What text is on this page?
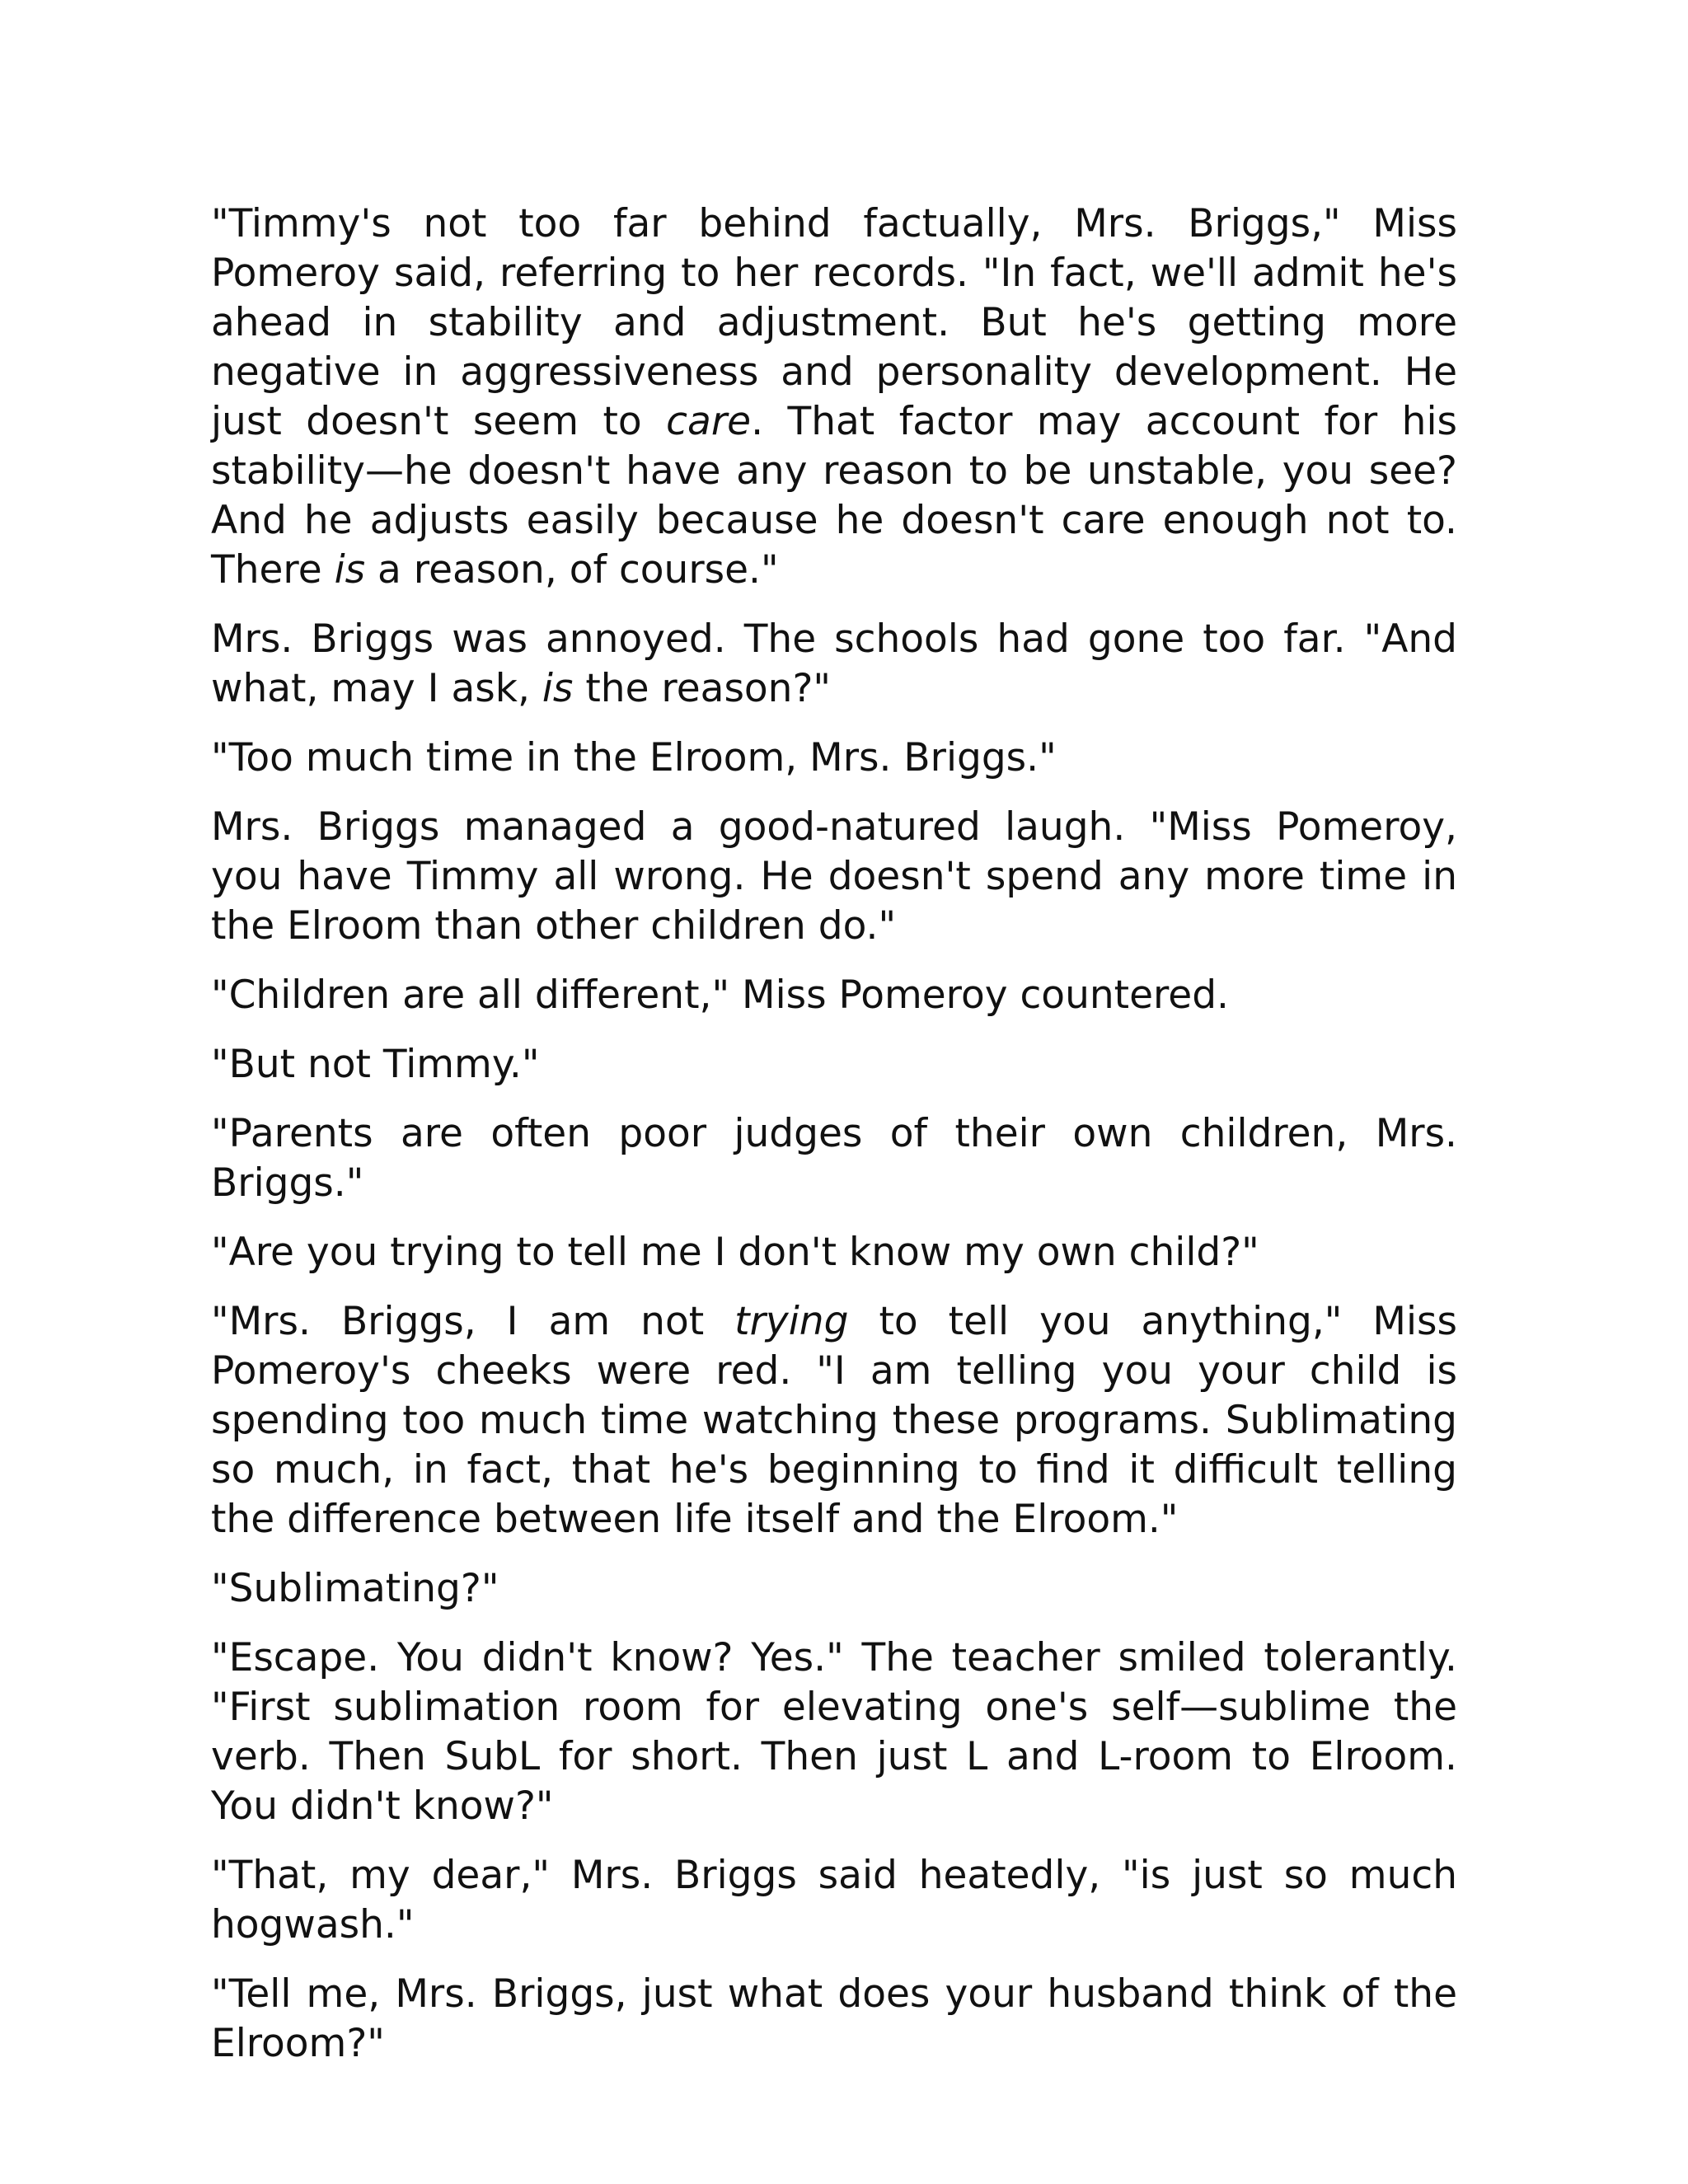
"Timmy's not too far behind factually, Mrs. Briggs," Miss Pomeroy said, referring to her records. "In fact, we'll admit he's ahead in stability and adjustment. But he's getting more negative in aggressiveness and personality development. He just doesn't seem to care. That factor may account for his stability—he doesn't have any reason to be unstable, you see? And he adjusts easily because he doesn't care enough not to. There is a reason, of course."

Mrs. Briggs was annoyed. The schools had gone too far. "And what, may I ask, is the reason?"

"Too much time in the Elroom, Mrs. Briggs."

Mrs. Briggs managed a good-natured laugh. "Miss Pomeroy, you have Timmy all wrong. He doesn't spend any more time in the Elroom than other children do."

"Children are all different," Miss Pomeroy countered.

"But not Timmy."

"Parents are often poor judges of their own children, Mrs. Briggs."

"Are you trying to tell me I don't know my own child?"

"Mrs. Briggs, I am not trying to tell you anything," Miss Pomeroy's cheeks were red. "I am telling you your child is spending too much time watching these programs. Sublimating so much, in fact, that he's beginning to find it difficult telling the difference between life itself and the Elroom."

"Sublimating?"

"Escape. You didn't know? Yes." The teacher smiled tolerantly. "First sublimation room for elevating one's self—sublime the verb. Then SubL for short. Then just L and L-room to Elroom. You didn't know?"

"That, my dear," Mrs. Briggs said heatedly, "is just so much hogwash."

"Tell me, Mrs. Briggs, just what does your husband think of the Elroom?"
